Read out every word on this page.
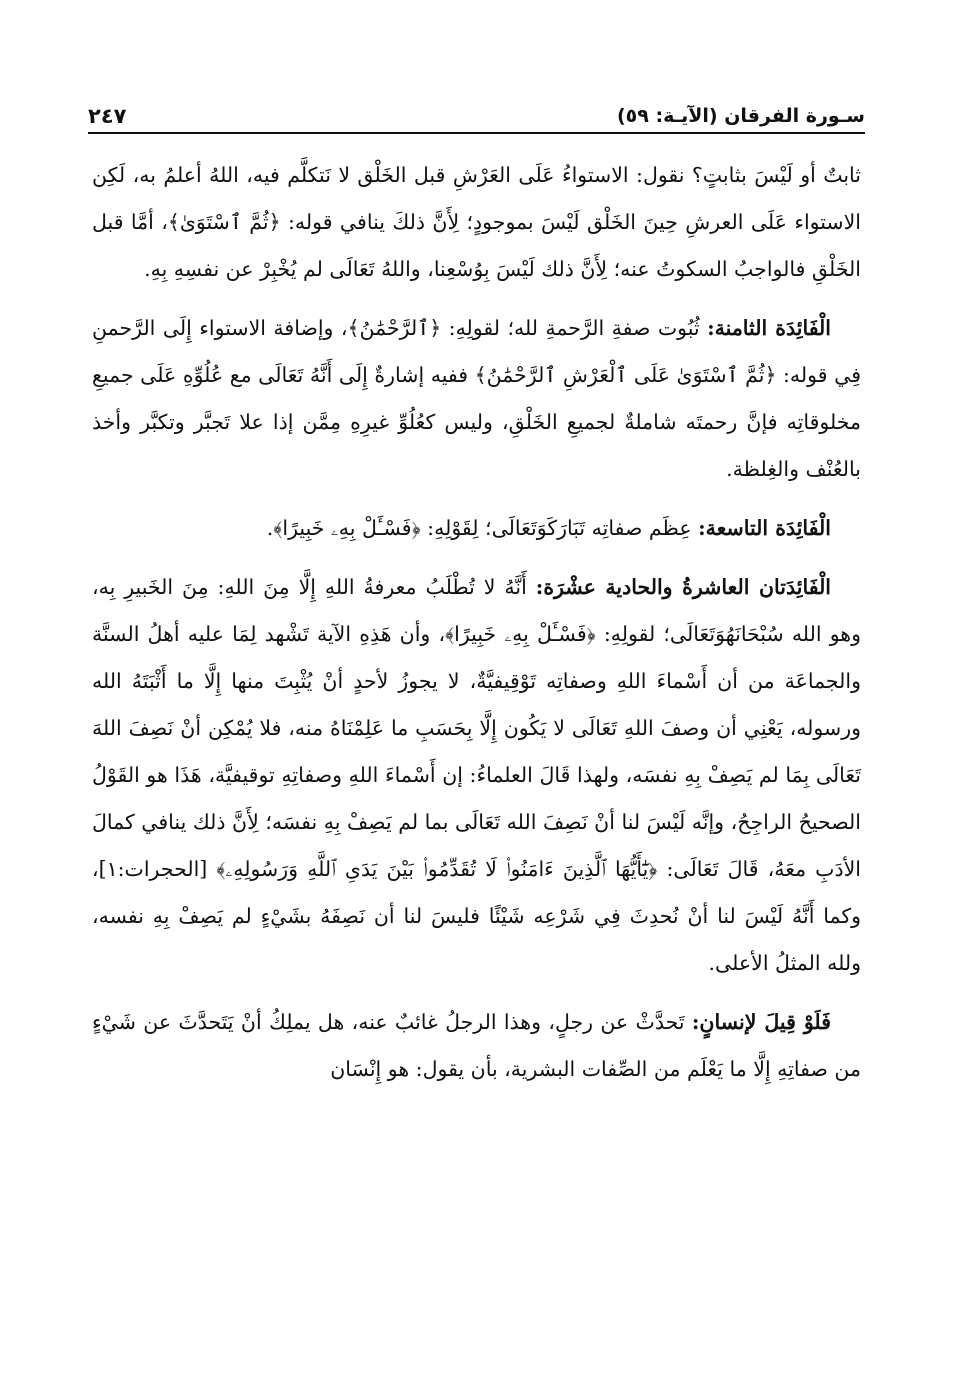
سـورة الفرقان (الآيـة: ٥٩)
٢٤٧

ثابتٌ أو لَيْسَ بثابتٍ؟ نقول: الاستواءُ عَلَى العَرْشِ قبل الخَلْق لا نَتكلَّم فيه، اللهُ أعلمُ به، لَكِن الاستواء عَلَى العرشِ حِينَ الخَلْق لَيْسَ بموجودٍ؛ لِأَنَّ ذلكَ ينافي قوله: ﴿ثُمَّ ٱسْتَوَىٰ﴾، أمَّا قبل الخَلْقِ فالواجبُ السكوتُ عنه؛ لِأَنَّ ذلك لَيْسَ بِوُسْعِنا، واللهُ تَعَالَى لم يُخْبِرْ عن نفسِهِ بِهِ.

الْفَائِدَة الثامنة: ثُبُوت صفةِ الرَّحمةِ لله؛ لقولِهِ: ﴿ٱلرَّحْمَٰنُ﴾، وإضافة الاستواء إِلَى الرَّحمنِ فِي قوله: ﴿ثُمَّ ٱسْتَوَىٰ عَلَى ٱلْعَرْشِ ٱلرَّحْمَٰنُ﴾ ففيه إشارةٌ إِلَى أَنَّهُ تَعَالَى مع عُلُوِّهِ عَلَى جميعِ مخلوقاتِه فإنَّ رحمتَه شاملةٌ لجميعِ الخَلْقِ، وليس كعُلُوِّ غيرِهِ مِمَّن إذا علا تَجبَّر وتكبَّر وأخذ بالعُنْف والغِلظة.

الْفَائِدَة التاسعة: عِظَم صفاتِه تَبَارَكَوَتَعَالَى؛ لِقَوْلِهِ: ﴿فَسْـَٔلْ بِهِۦ خَبِيرًا﴾.

الْفَائِدَتان العاشرةُ والحادية عشْرَة: أَنَّهُ لا تُطْلَبُ معرفةُ اللهِ إِلَّا مِنَ اللهِ: مِنَ الخَبيرِ بِه، وهو الله سُبْحَانَهُوَتَعَالَى؛ لقولِهِ: ﴿فَسْـَٔلْ بِهِۦ خَبِيرًا﴾، وأن هَذِهِ الآية تَشْهد لِمَا عليه أهلُ السنَّة والجماعَة من أن أَسْماءَ اللهِ وصفاتِه تَوْقِيفيَّةٌ، لا يجوزُ لأحدٍ أنْ يُثْبِتَ منها إِلَّا ما أَثْبَتَهُ الله ورسوله، يَعْنِي أن وصفَ اللهِ تَعَالَى لا يَكُون إِلَّا بِحَسَبِ ما عَلِمْنَاهُ منه، فلا يُمْكِن أنْ نَصِفَ اللهَ تَعَالَى بِمَا لم يَصِفْ بِهِ نفسَه، ولهذا قَالَ العلماءُ: إن أَسْماءَ اللهِ وصفاتِهِ توقيفيَّة، هَذَا هو القَوْلُ الصحيحُ الراجِحُ، وإنَّه لَيْسَ لنا أنْ نَصِفَ الله تَعَالَى بما لم يَصِفْ بِهِ نفسَه؛ لِأَنَّ ذلك ينافي كمالَ الأدَبِ معَهُ، قَالَ تَعَالَى: ﴿يَٰٓأَيُّهَا ٱلَّذِينَ ءَامَنُوا۟ لَا تُقَدِّمُوا۟ بَيْنَ يَدَىِ ٱللَّهِ وَرَسُولِهِۦ﴾ [الحجرات:١]، وكما أَنَّهُ لَيْسَ لنا أنْ نُحدِثَ فِي شَرْعِه شَيْئًا فليسَ لنا أن نَصِفَهُ بشَيْءٍ لم يَصِفْ بِهِ نفسه، ولله المثلُ الأعلى.

فَلَوْ قِيلَ لإنسانٍ: تَحدَّثْ عن رجلٍ، وهذا الرجلُ غائبٌ عنه، هل يملِكُ أنْ يَتَحدَّثَ عن شَيْءٍ من صفاتِهِ إِلَّا ما يَعْلَم من الصِّفات البشرية، بأن يقول: هو إِنْسَان
